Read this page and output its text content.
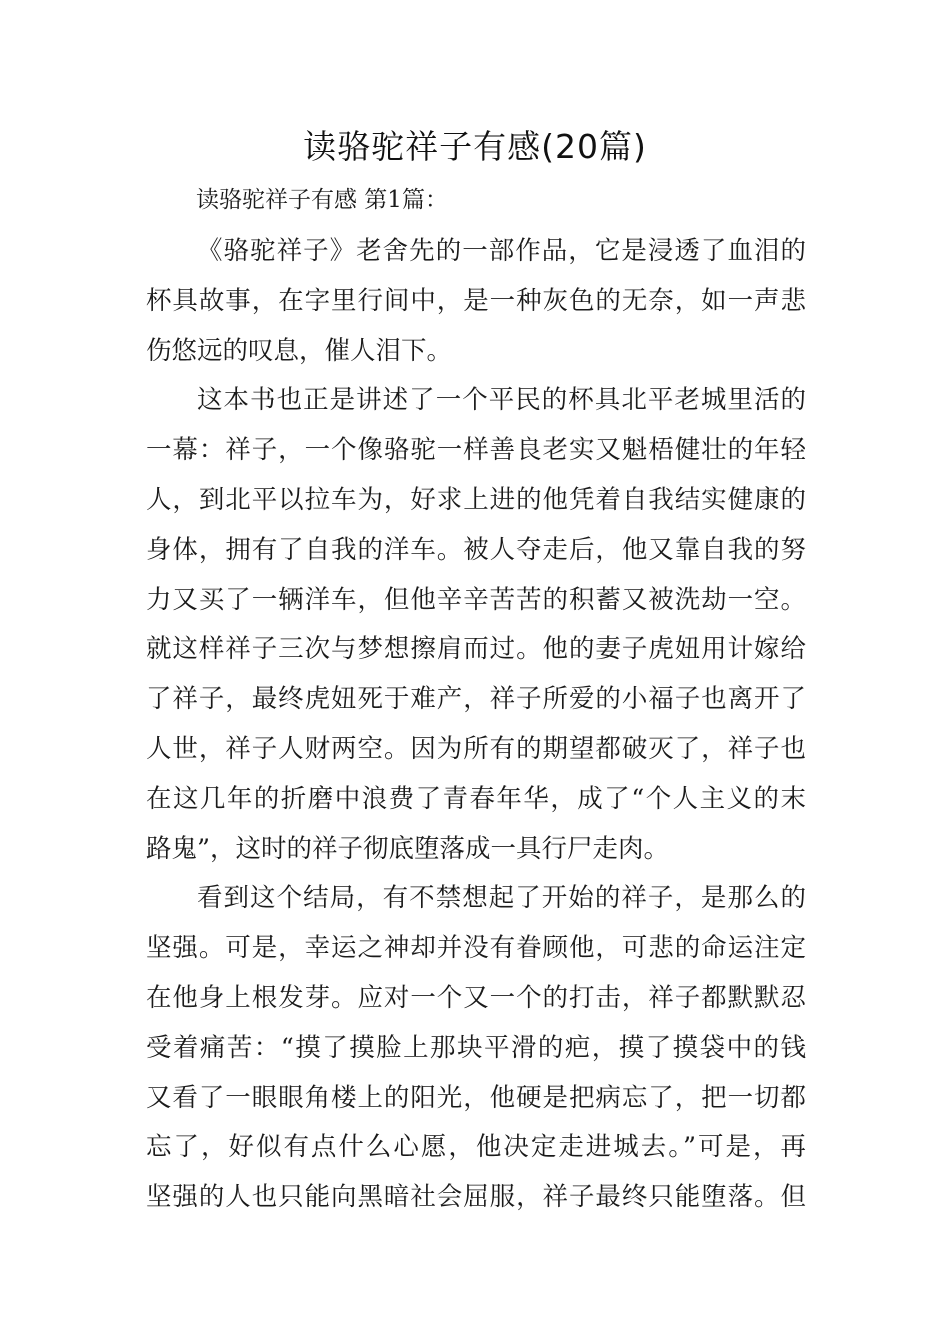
读骆驼祥子有感(20篇)
读骆驼祥子有感 第1篇：
《骆驼祥子》老舍先的一部作品，它是浸透了血泪的
杯具故事，在字里行间中，是一种灰色的无奈，如一声悲
伤悠远的叹息，催人泪下。
这本书也正是讲述了一个平民的杯具北平老城里活的
一幕：祥子，一个像骆驼一样善良老实又魁梧健壮的年轻
人，到北平以拉车为，好求上进的他凭着自我结实健康的
身体，拥有了自我的洋车。被人夺走后，他又靠自我的努
力又买了一辆洋车，但他辛辛苦苦的积蓄又被洗劫一空。
就这样祥子三次与梦想擦肩而过。他的妻子虎妞用计嫁给
了祥子，最终虎妞死于难产，祥子所爱的小福子也离开了
人世，祥子人财两空。因为所有的期望都破灭了，祥子也
在这几年的折磨中浪费了青春年华，成了“个人主义的末
路鬼”，这时的祥子彻底堕落成一具行尸走肉。
看到这个结局，有不禁想起了开始的祥子，是那么的
坚强。可是，幸运之神却并没有眷顾他，可悲的命运注定
在他身上根发芽。应对一个又一个的打击，祥子都默默忍
受着痛苦：“摸了摸脸上那块平滑的疤，摸了摸袋中的钱
又看了一眼眼角楼上的阳光，他硬是把病忘了，把一切都
忘了，好似有点什么心愿，他决定走进城去。”可是，再
坚强的人也只能向黑暗社会屈服，祥子最终只能堕落。但
